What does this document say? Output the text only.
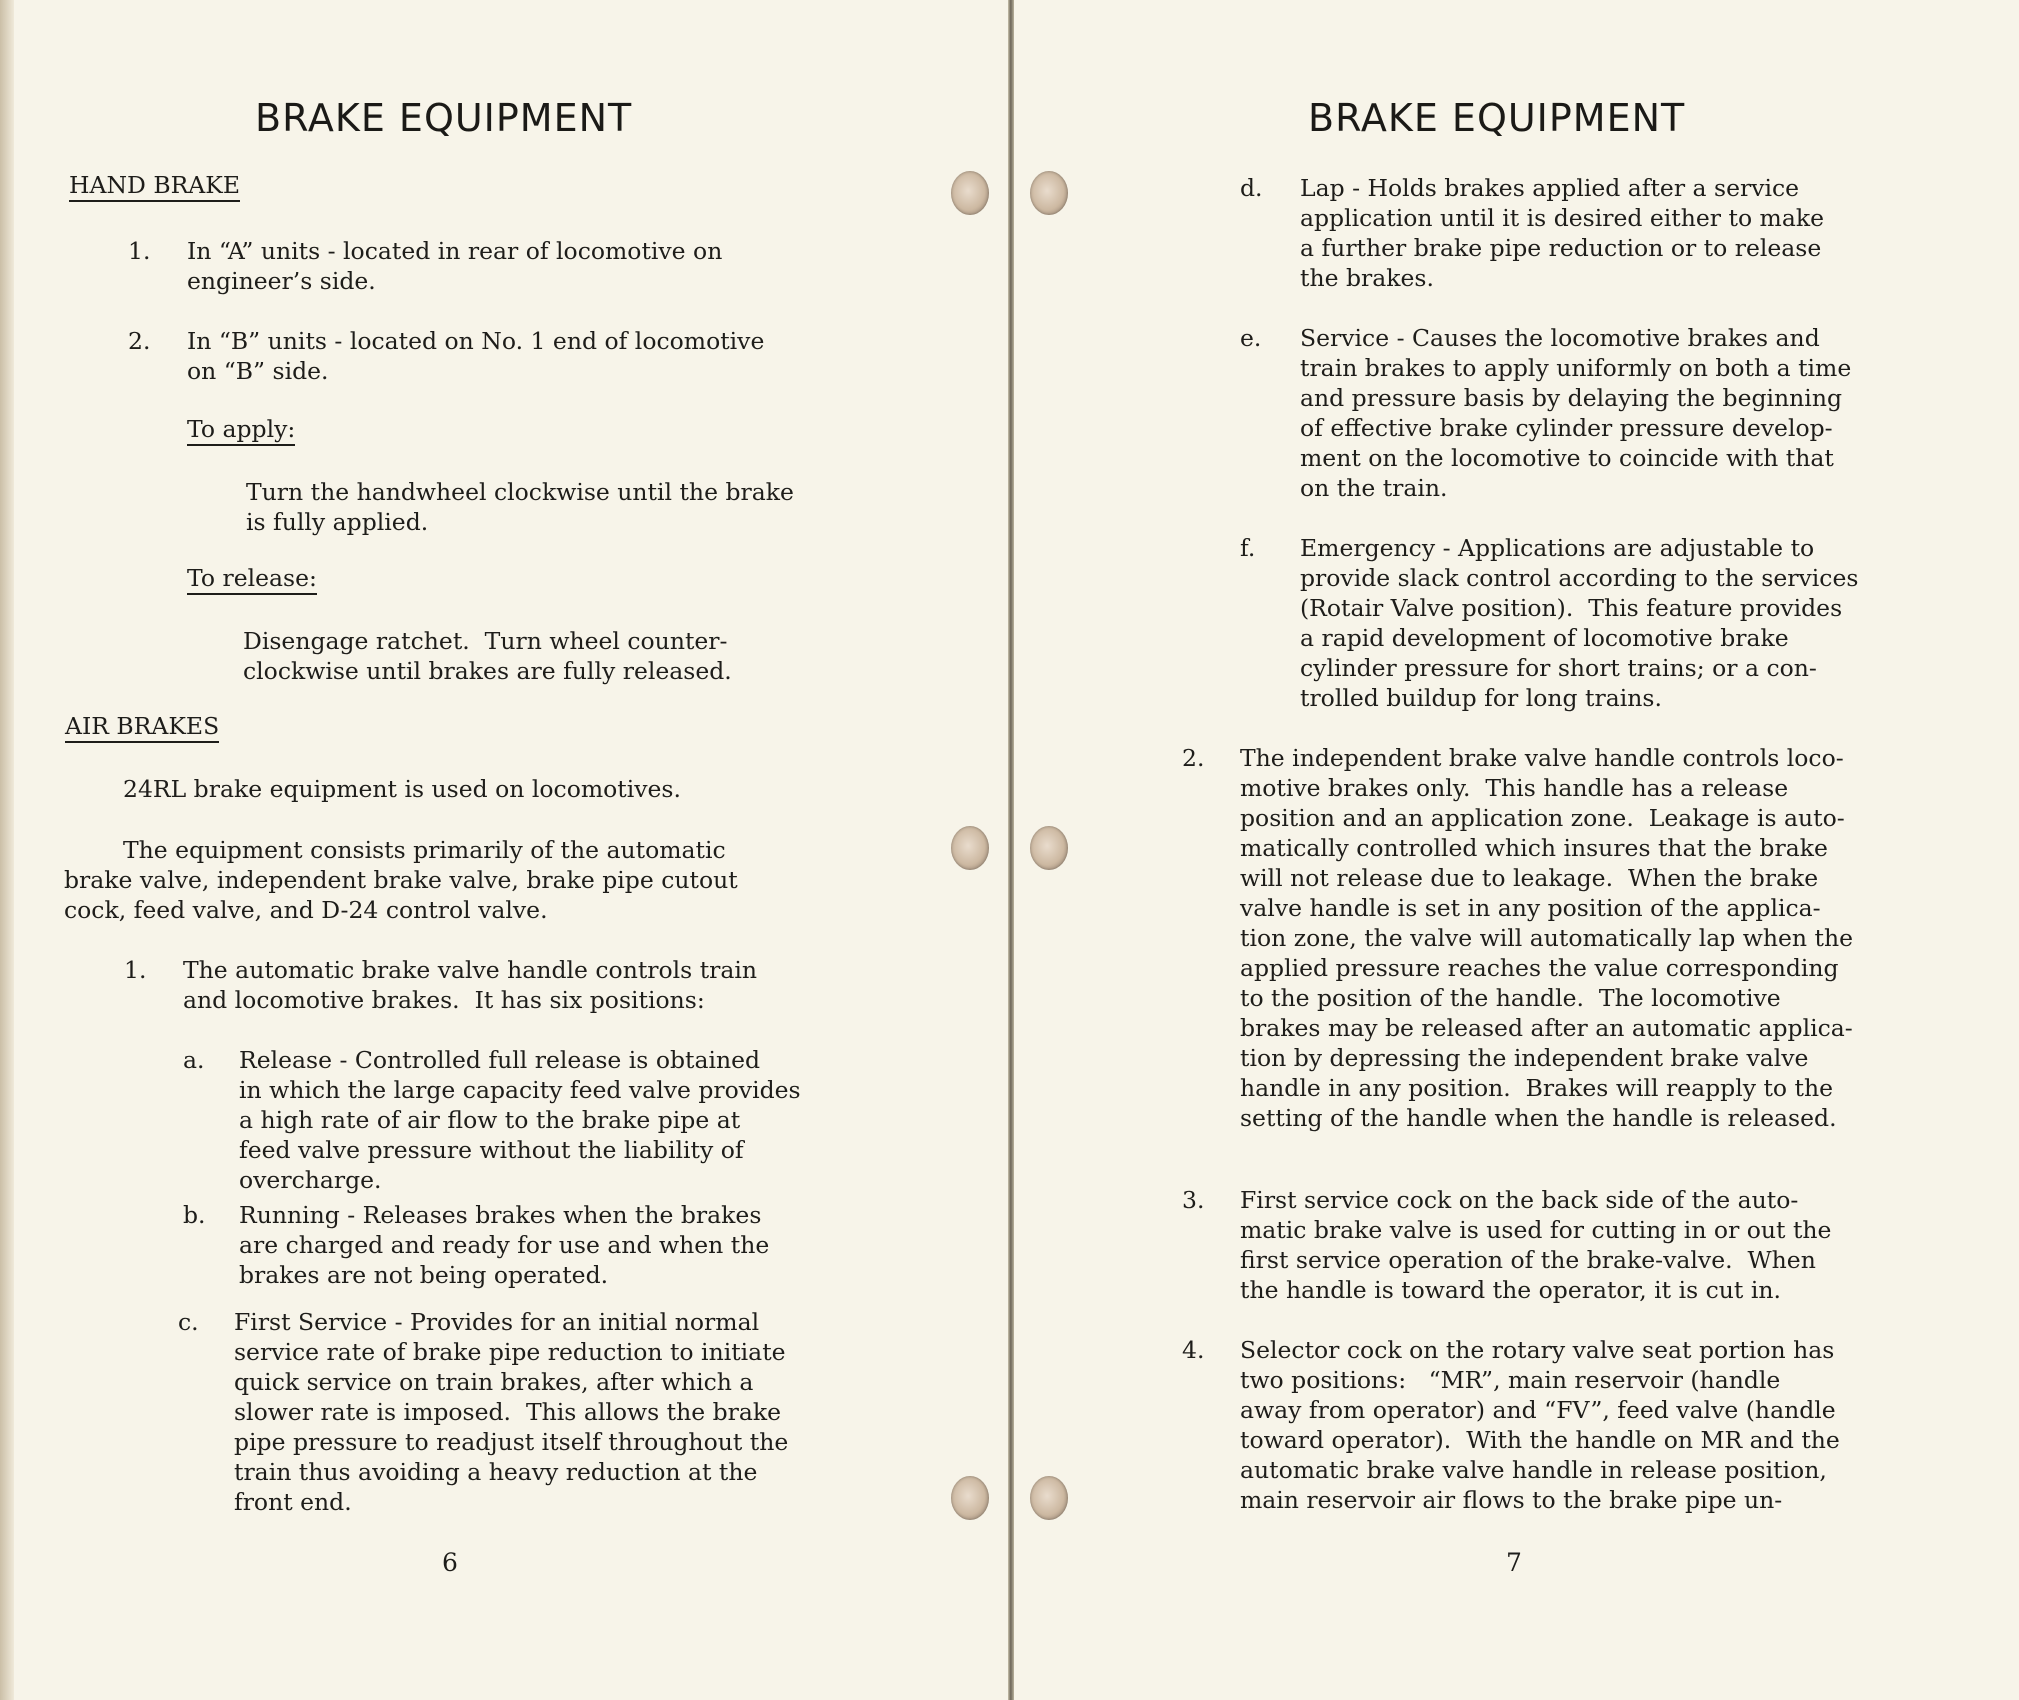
BRAKE EQUIPMENT
HAND BRAKE
1. In “A” units - located in rear of locomotive on
engineer’s side.
2. In “B” units - located on No. 1 end of locomotive
on “B” side.
To apply:
Turn the handwheel clockwise until the brake
is fully applied.
To release:
Disengage ratchet.  Turn wheel counter-
clockwise until brakes are fully released.
AIR BRAKES
24RL brake equipment is used on locomotives.
The equipment consists primarily of the automatic
brake valve, independent brake valve, brake pipe cutout
cock, feed valve, and D-24 control valve.
1. The automatic brake valve handle controls train
and locomotive brakes.  It has six positions:
a. Release - Controlled full release is obtained
in which the large capacity feed valve provides
a high rate of air flow to the brake pipe at
feed valve pressure without the liability of
overcharge.
b. Running - Releases brakes when the brakes
are charged and ready for use and when the
brakes are not being operated.
c. First Service - Provides for an initial normal
service rate of brake pipe reduction to initiate
quick service on train brakes, after which a
slower rate is imposed.  This allows the brake
pipe pressure to readjust itself throughout the
train thus avoiding a heavy reduction at the
front end.
6
BRAKE EQUIPMENT
d. Lap - Holds brakes applied after a service
application until it is desired either to make
a further brake pipe reduction or to release
the brakes.
e. Service - Causes the locomotive brakes and
train brakes to apply uniformly on both a time
and pressure basis by delaying the beginning
of effective brake cylinder pressure develop-
ment on the locomotive to coincide with that
on the train.
f. Emergency - Applications are adjustable to
provide slack control according to the services
(Rotair Valve position).  This feature provides
a rapid development of locomotive brake
cylinder pressure for short trains; or a con-
trolled buildup for long trains.
2. The independent brake valve handle controls loco-
motive brakes only.  This handle has a release
position and an application zone.  Leakage is auto-
matically controlled which insures that the brake
will not release due to leakage.  When the brake
valve handle is set in any position of the applica-
tion zone, the valve will automatically lap when the
applied pressure reaches the value corresponding
to the position of the handle.  The locomotive
brakes may be released after an automatic applica-
tion by depressing the independent brake valve
handle in any position.  Brakes will reapply to the
setting of the handle when the handle is released.
3. First service cock on the back side of the auto-
matic brake valve is used for cutting in or out the
first service operation of the brake-valve.  When
the handle is toward the operator, it is cut in.
4. Selector cock on the rotary valve seat portion has
two positions:   “MR”, main reservoir (handle
away from operator) and “FV”, feed valve (handle
toward operator).  With the handle on MR and the
automatic brake valve handle in release position,
main reservoir air flows to the brake pipe un-
7
